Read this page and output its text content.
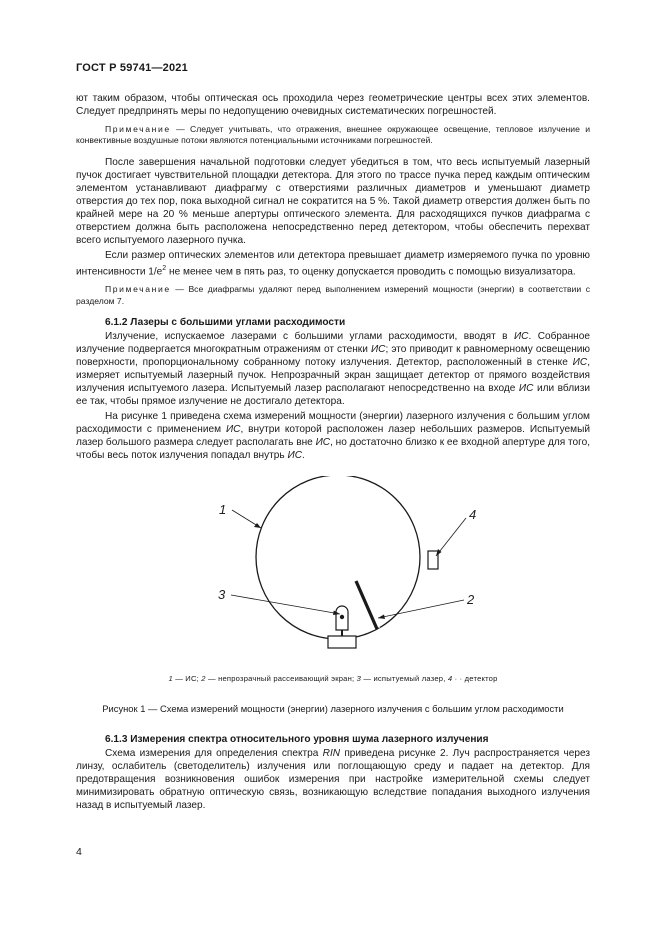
ГОСТ Р 59741—2021

ют таким образом, чтобы оптическая ось проходила через геометрические центры всех этих элементов. Следует предпринять меры по недопущению очевидных систематических погрешностей.

Примечание — Следует учитывать, что отражения, внешнее окружающее освещение, тепловое излучение и конвективные воздушные потоки являются потенциальными источниками погрешностей.

После завершения начальной подготовки следует убедиться в том, что весь испытуемый лазерный пучок достигает чувствительной площадки детектора. Для этого по трассе пучка перед каждым оптическим элементом устанавливают диафрагму с отверстиями различных диаметров и уменьшают диаметр отверстия до тех пор, пока выходной сигнал не сократится на 5 %. Такой диаметр отверстия должен быть по крайней мере на 20 % меньше апертуры оптического элемента. Для расходящихся пучков диафрагма с отверстием должна быть расположена непосредственно перед детектором, чтобы обеспечить перехват всего испытуемого лазерного пучка.

Если размер оптических элементов или детектора превышает диаметр измеряемого пучка по уровню интенсивности $1/e^2$ не менее чем в пять раз, то оценку допускается проводить с помощью визуализатора.

Примечание — Все диафрагмы удаляют перед выполнением измерений мощности (энергии) в соответствии с разделом 7.

6.1.2 Лазеры с большими углами расходимости

Излучение, испускаемое лазерами с большими углами расходимости, вводят в ИС. Собранное излучение подвергается многократным отражениям от стенки ИС; это приводит к равномерному освещению поверхности, пропорциональному собранному потоку излучения. Детектор, расположенный в стенке ИС, измеряет испытуемый лазерный пучок. Непрозрачный экран защищает детектор от прямого воздействия излучения испытуемого лазера. Испытуемый лазер располагают непосредственно на входе ИС или вблизи ее так, чтобы прямое излучение не достигало детектора.

На рисунке 1 приведена схема измерений мощности (энергии) лазерного излучения с большим углом расходимости с применением ИС, внутри которой расположен лазер небольших размеров. Испытуемый лазер большого размера следует располагать вне ИС, но достаточно близко к ее входной апертуре для того, чтобы весь поток излучения попадал внутрь ИС.

1	4
3	2

1 — ИС; 2 — непрозрачный рассеивающий экран; 3 — испытуемый лазер, 4 · · детектор

Рисунок 1 — Схема измерений мощности (энергии) лазерного излучения с большим углом расходимости

6.1.3 Измерения спектра относительного уровня шума лазерного излучения

Схема измерения для определения спектра RIN приведена рисунке 2. Луч распространяется через линзу, ослабитель (светоделитель) излучения или поглощающую среду и падает на детектор. Для предотвращения возникновения ошибок измерения при настройке измерительной схемы следует минимизировать обратную оптическую связь, возникающую вследствие попадания выходного излучения назад в испытуемый лазер.

4
